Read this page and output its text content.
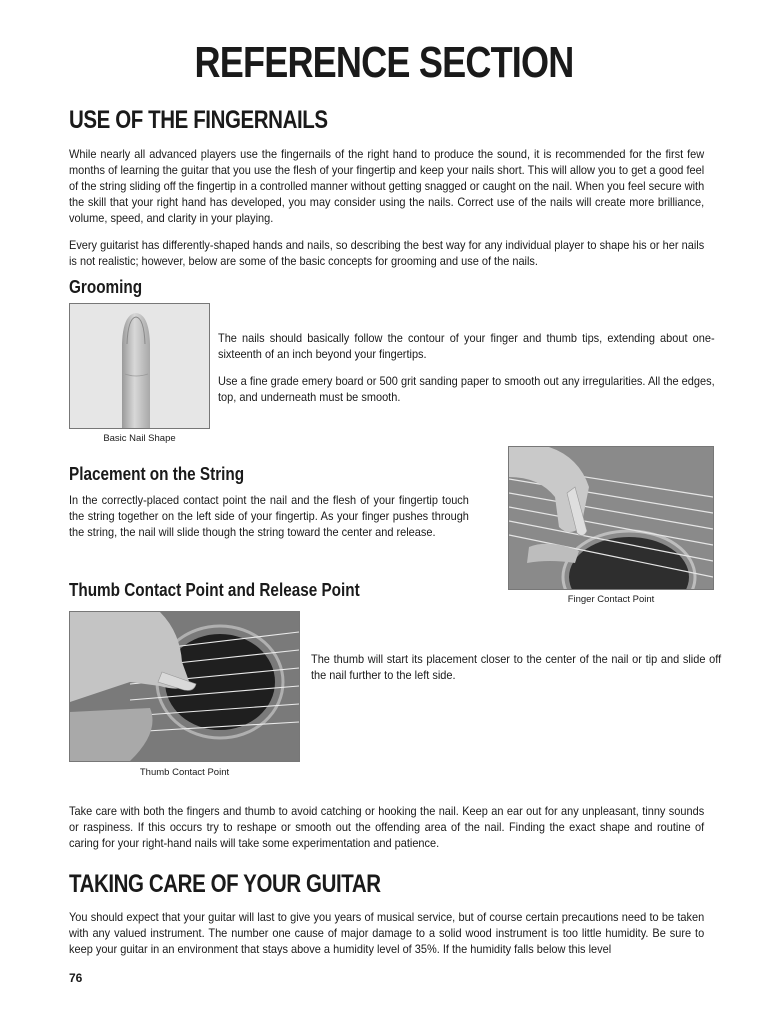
REFERENCE SECTION
USE OF THE FINGERNAILS

While nearly all advanced players use the fingernails of the right hand to produce the sound, it is recommended for the first few months of learning the guitar that you use the flesh of your fingertip and keep your nails short. This will allow you to get a good feel of the string sliding off the fingertip in a controlled manner without getting snagged or caught on the nail. When you feel secure with the skill that your right hand has developed, you may consider using the nails. Correct use of the nails will create more brilliance, volume, speed, and clarity in your playing.

Every guitarist has differently-shaped hands and nails, so describing the best way for any individual player to shape his or her nails is not realistic; however, below are some of the basic concepts for grooming and use of the nails.

Grooming
Basic Nail Shape

The nails should basically follow the contour of your finger and thumb tips, extending about one-sixteenth of an inch beyond your fingertips.

Use a fine grade emery board or 500 grit sanding paper to smooth out any irregularities. All the edges, top, and underneath must be smooth.

Placement on the String

In the correctly-placed contact point the nail and the flesh of your fingertip touch the string together on the left side of your fingertip. As your finger pushes through the string, the nail will slide though the string toward the center and release.

Finger Contact Point
Thumb Contact Point and Release Point
Thumb Contact Point

The thumb will start its placement closer to the center of the nail or tip and slide off the nail further to the left side.

Take care with both the fingers and thumb to avoid catching or hooking the nail. Keep an ear out for any unpleasant, tinny sounds or raspiness. If this occurs try to reshape or smooth out the offending area of the nail. Finding the exact shape and routine of caring for your right-hand nails will take some experimentation and patience.

TAKING CARE OF YOUR GUITAR

You should expect that your guitar will last to give you years of musical service, but of course certain precautions need to be taken with any valued instrument. The number one cause of major damage to a solid wood instrument is too little humidity. Be sure to keep your guitar in an environment that stays above a humidity level of 35%. If the humidity falls below this level

76
